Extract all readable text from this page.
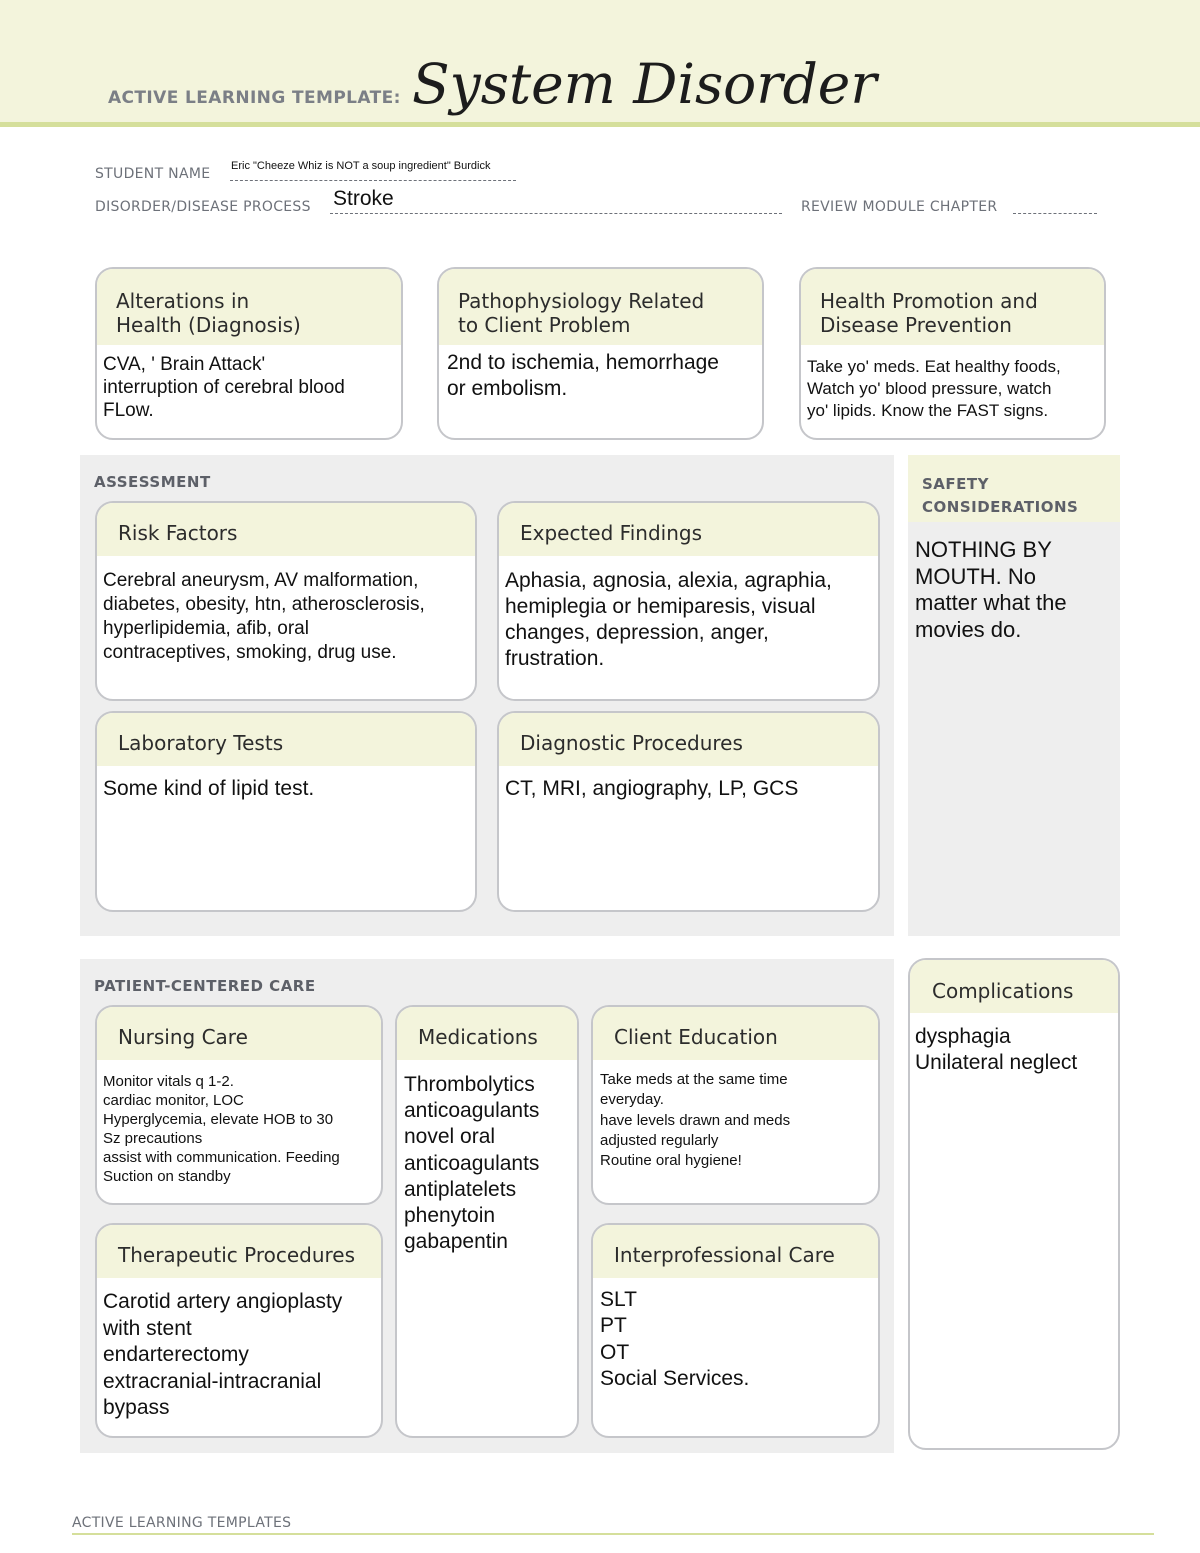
ACTIVE LEARNING TEMPLATE: System Disorder
STUDENT NAME Eric "Cheeze Whiz is NOT a soup ingredient" Burdick
DISORDER/DISEASE PROCESS Stroke	REVIEW MODULE CHAPTER
Alterations in
Health (Diagnosis)
CVA, ' Brain Attack'
interruption of cerebral blood
FLow.
Pathophysiology Related
to Client Problem
2nd to ischemia, hemorrhage
or embolism.
Health Promotion and
Disease Prevention
Take yo' meds. Eat healthy foods,
Watch yo' blood pressure, watch
yo' lipids. Know the FAST signs.
ASSESSMENT
Risk Factors
Cerebral aneurysm, AV malformation,
diabetes, obesity, htn, atherosclerosis,
hyperlipidemia, afib, oral
contraceptives, smoking, drug use.
Expected Findings
Aphasia, agnosia, alexia, agraphia,
hemiplegia or hemiparesis, visual
changes, depression, anger,
frustration.
Laboratory Tests
Some kind of lipid test.
Diagnostic Procedures
CT, MRI, angiography, LP, GCS
SAFETY
CONSIDERATIONS
NOTHING BY
MOUTH. No
matter what the
movies do.
PATIENT-CENTERED CARE
Nursing Care
Monitor vitals q 1-2.
cardiac monitor, LOC
Hyperglycemia, elevate HOB to 30
Sz precautions
assist with communication. Feeding
Suction on standby
Medications
Thrombolytics
anticoagulants
novel oral
anticoagulants
antiplatelets
phenytoin
gabapentin
Client Education
Take meds at the same time
everyday.
have levels drawn and meds
adjusted regularly
Routine oral hygiene!
Therapeutic Procedures
Carotid artery angioplasty
with stent
endarterectomy
extracranial-intracranial
bypass
Interprofessional Care
SLT
PT
OT
Social Services.
Complications
dysphagia
Unilateral neglect
ACTIVE LEARNING TEMPLATES
